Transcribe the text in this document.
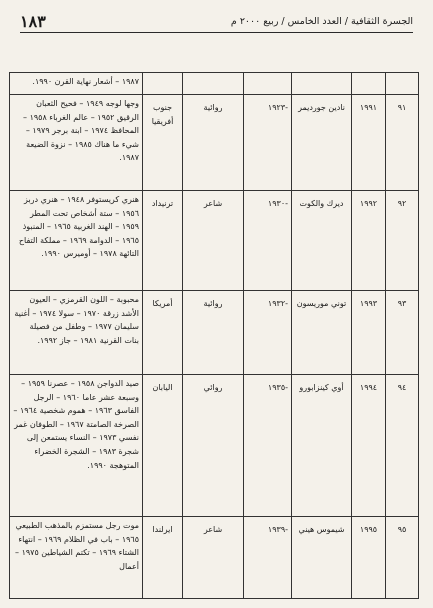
الجسرة الثقافية / العدد الخامس / ربيع ٢٠٠٠ م
١٨٣
						١٩٨٧ – أشعار نهاية القرن ١٩٩٠.
٩١	١٩٩١	نادين جورديمر	-١٩٢٣	روائية	جنوب أفريقيا	وجها لوجه ١٩٤٩ – فحيح الثعبان الرقيق ١٩٥٢ – عالم الغرباء ١٩٥٨ – المحافظ ١٩٧٤ – ابنة برجر ١٩٧٩ – شيء ما هناك ١٩٨٥ – نزوة الضيعة ١٩٨٧.
٩٢	١٩٩٢	ديرك والكوت	-١٩٣٠	شاعر	ترنيداد	هنري كريستوفر ١٩٤٨ – هنري دربز ١٩٥٦ – ستة أشخاص تحت المطر ١٩٥٩ – الهند الغربية ١٩٦٥ – المنبوذ ١٩٦٥ – الدوامة ١٩٦٩ – مملكة التفاح التائهة ١٩٧٨ – أوميرس ١٩٩٠.
٩٣	١٩٩٣	توني موريسون	-١٩٣٢	روائية	أمريكا	محبوبة – اللون القرمزي – العيون الأشد زرقة ١٩٧٠ – سولا ١٩٧٤ – أغنية سليمان ١٩٧٧ – وطفل من فصيلة بنات القرنية ١٩٨١ – جاز ١٩٩٢.
٩٤	١٩٩٤	أوي كينزابورو	-١٩٣٥	روائي	اليابان	صيد الدواجن ١٩٥٨ – عصرنا ١٩٥٩ – وسبعة عشر عاما ١٩٦٠ – الرجل الفاسق ١٩٦٣ – هموم شخصية ١٩٦٤ – الصرخة الصامتة ١٩٦٧ – الطوفان غمر نفسي ١٩٧٣ – النساء يستمعن إلى شجرة ١٩٨٣ – الشجرة الخضراء المتوهجة ١٩٩٠.
٩٥	١٩٩٥	شيموس هيني	-١٩٣٩	شاعر	ايرلندا	موت رجل مستمزم بالمذهب الطبيعي ١٩٦٥ – باب في الظلام ١٩٦٩ – انتهاء الشتاء ١٩٦٩ – تكتم الشياطين ١٩٧٥ – أعمال
